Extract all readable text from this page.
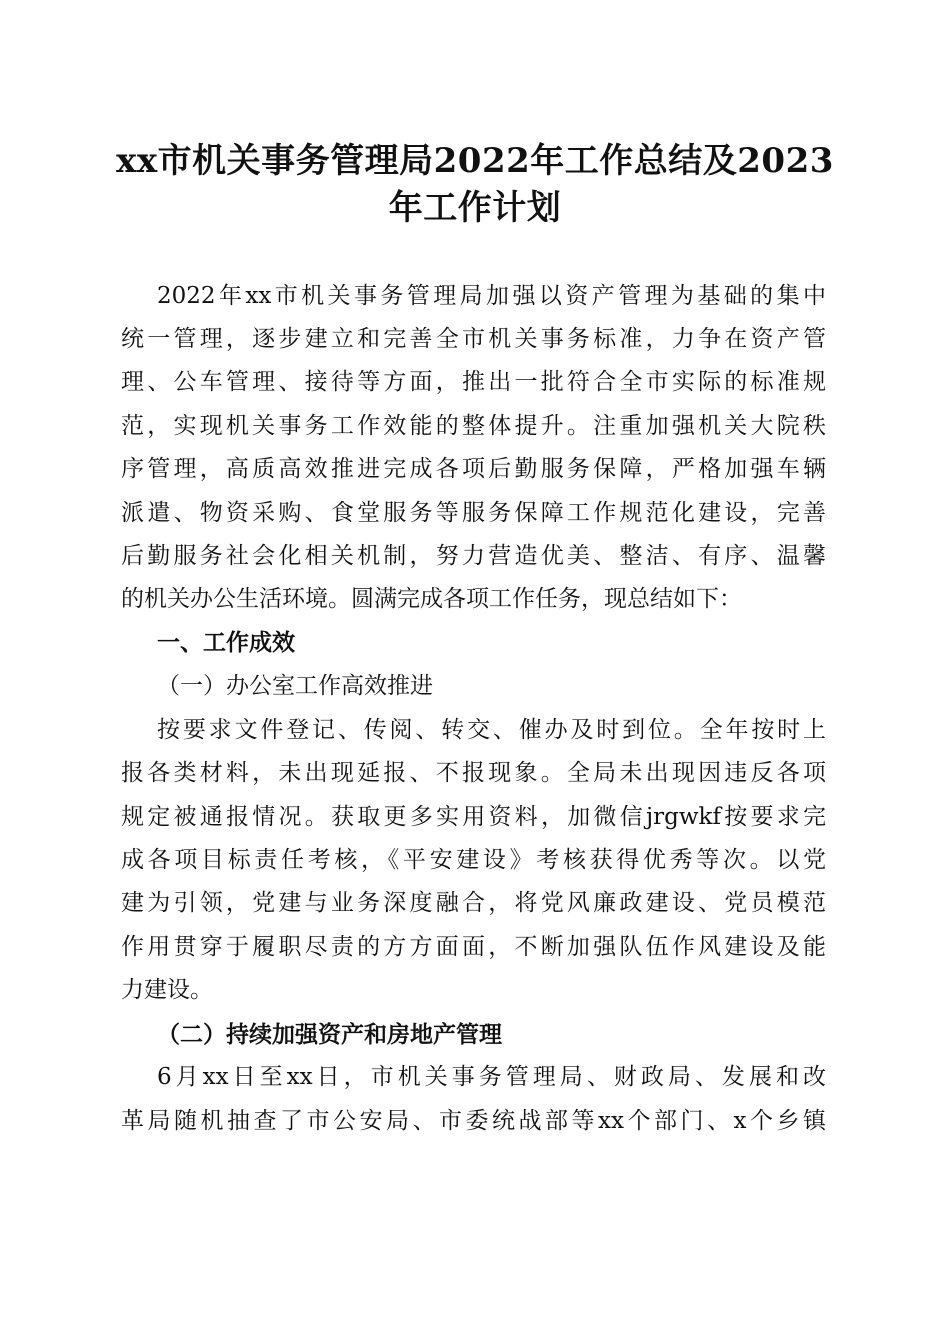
xx市机关事务管理局2022年工作总结及2023
年工作计划
2022年xx市机关事务管理局加强以资产管理为基础的集中
统一管理，逐步建立和完善全市机关事务标准，力争在资产管
理、公车管理、接待等方面，推出一批符合全市实际的标准规
范，实现机关事务工作效能的整体提升。注重加强机关大院秩
序管理，高质高效推进完成各项后勤服务保障，严格加强车辆
派遣、物资采购、食堂服务等服务保障工作规范化建设，完善
后勤服务社会化相关机制，努力营造优美、整洁、有序、温馨
的机关办公生活环境。圆满完成各项工作任务，现总结如下：
一、工作成效
（一）办公室工作高效推进
按要求文件登记、传阅、转交、催办及时到位。全年按时上
报各类材料，未出现延报、不报现象。全局未出现因违反各项
规定被通报情况。获取更多实用资料，加微信jrgwkf按要求完
成各项目标责任考核，《平安建设》考核获得优秀等次。以党
建为引领，党建与业务深度融合，将党风廉政建设、党员模范
作用贯穿于履职尽责的方方面面，不断加强队伍作风建设及能
力建设。
（二）持续加强资产和房地产管理
6月xx日至xx日，市机关事务管理局、财政局、发展和改
革局随机抽查了市公安局、市委统战部等xx个部门、x个乡镇
